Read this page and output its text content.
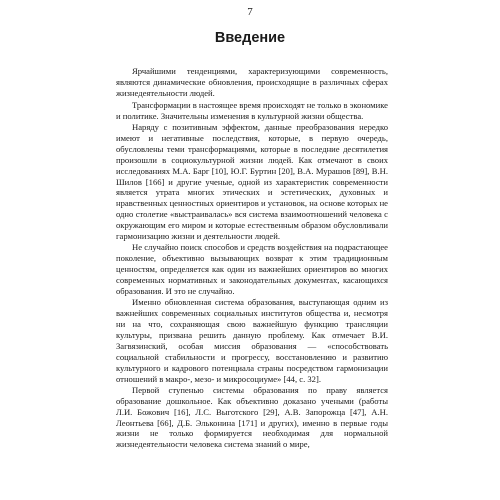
7
Введение

Ярчайшими тенденциями, характеризующими современность, являются динамические обновления, происходящие в различных сферах жизнедеятельности людей.

Трансформации в настоящее время происходят не только в экономике и политике. Значительны изменения в культурной жизни общества.

Наряду с позитивным эффектом, данные преобразования нередко имеют и негативные последствия, которые, в первую очередь, обусловлены теми трансформациями, которые в последние десятилетия произошли в социокультурной жизни людей. Как отмечают в своих исследованиях М.А. Барг [10], Ю.Г. Буртин [20], В.А. Мурашов [89], В.Н. Шилов [166] и другие ученые, одной из характеристик современности является утрата многих этических и эстетических, духовных и нравственных ценностных ориентиров и установок, на основе которых не одно столетие «выстраивалась» вся система взаимоотношений человека с окружающим его миром и которые естественным образом обусловливали гармонизацию жизни и деятельности людей.

Не случайно поиск способов и средств воздействия на подрастающее поколение, объективно вызывающих возврат к этим традиционным ценностям, определяется как один из важнейших ориентиров во многих современных нормативных и законодательных документах, касающихся образования. И это не случайно.

Именно обновленная система образования, выступающая одним из важнейших современных социальных институтов общества и, несмотря ни на что, сохраняющая свою важнейшую функцию трансляции культуры, призвана решить данную проблему. Как отмечает В.И. Загвязинский, особая миссия образования — «способствовать социальной стабильности и прогрессу, восстановлению и развитию культурного и кадрового потенциала страны посредством гармонизации отношений в макро-, мезо- и микросоциуме» [44, с. 32].

Первой ступенью системы образования по праву является образование дошкольное. Как объективно доказано учеными (работы Л.И. Божович [16], Л.С. Выготского [29], А.В. Запорожца [47], А.Н. Леонтьева [66], Д.Б. Эльконина [171] и других), именно в первые годы жизни не только формируется необходимая для нормальной жизнедеятельности человека система знаний о мире,
